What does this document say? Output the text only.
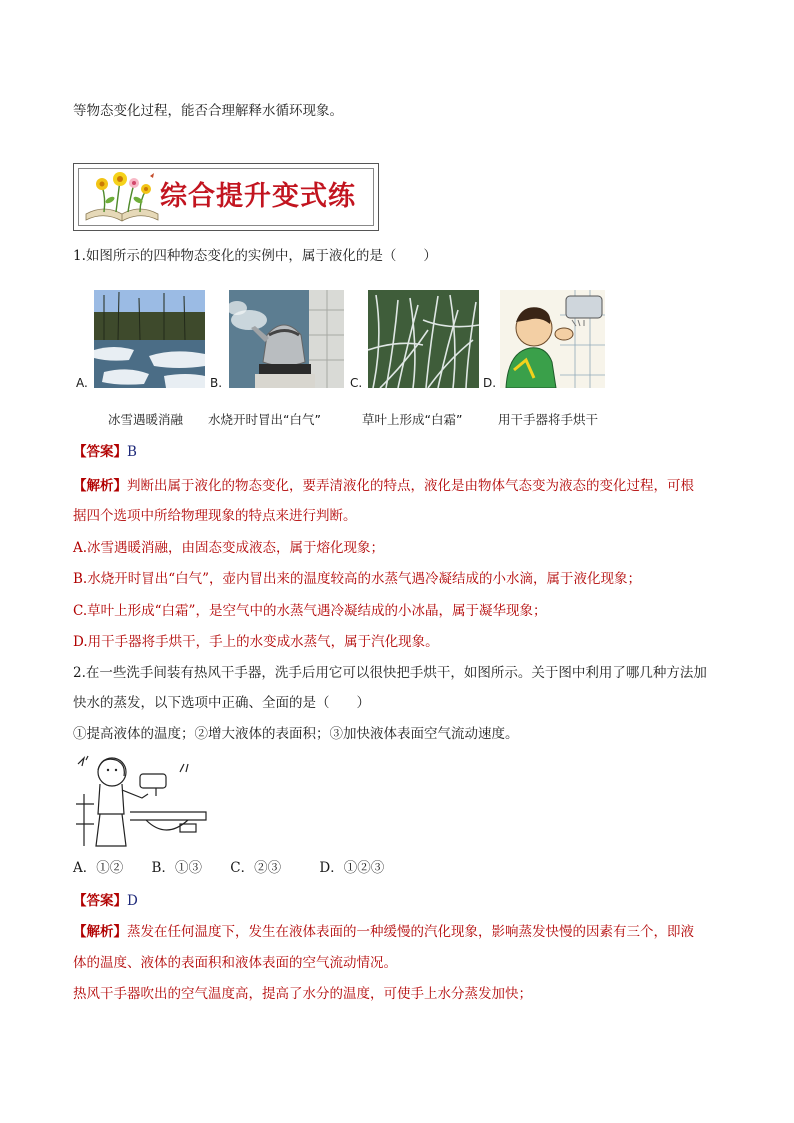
等物态变化过程，能否合理解释水循环现象。
综合提升变式练
1.如图所示的四种物态变化的实例中，属于液化的是（　　）
A.	B.	C.	D.
冰雪遇暖消融 水烧开时冒出“白气”	草叶上形成“白霜”	用干手器将手烘干
【答案】B
【解析】判断出属于液化的物态变化，要弄清液化的特点，液化是由物体气态变为液态的变化过程，可根
据四个选项中所给物理现象的特点来进行判断。
A.冰雪遇暖消融，由固态变成液态，属于熔化现象；
B.水烧开时冒出“白气”，壶内冒出来的温度较高的水蒸气遇冷凝结成的小水滴，属于液化现象；
C.草叶上形成“白霜”，是空气中的水蒸气遇冷凝结成的小冰晶，属于凝华现象；
D.用干手器将手烘干，手上的水变成水蒸气，属于汽化现象。
2.在一些洗手间装有热风干手器，洗手后用它可以很快把手烘干，如图所示。关于图中利用了哪几种方法加
快水的蒸发，以下选项中正确、全面的是（　　）
①提高液体的温度；②增大液体的表面积；③加快液体表面空气流动速度。
A．①② B．①③ C．②③	D．①②③
【答案】D
【解析】蒸发在任何温度下，发生在液体表面的一种缓慢的汽化现象，影响蒸发快慢的因素有三个，即液
体的温度、液体的表面积和液体表面的空气流动情况。
热风干手器吹出的空气温度高，提高了水分的温度，可使手上水分蒸发加快；
